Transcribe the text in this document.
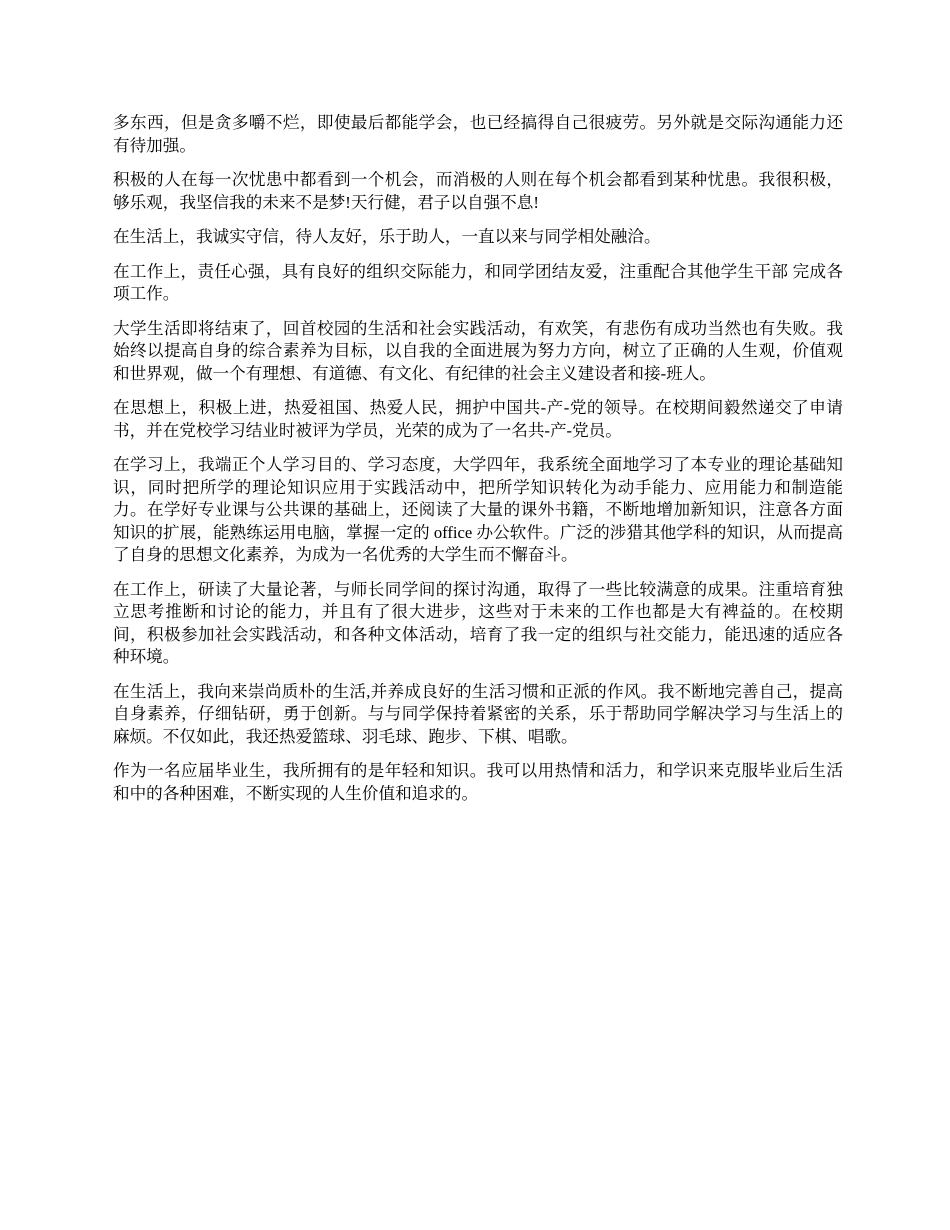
多东西，但是贪多嚼不烂，即使最后都能学会，也已经搞得自己很疲劳。另外就是交际沟通能力还有待加强。

积极的人在每一次忧患中都看到一个机会，而消极的人则在每个机会都看到某种忧患。我很积极，够乐观，我坚信我的未来不是梦!天行健，君子以自强不息!

在生活上，我诚实守信，待人友好，乐于助人，一直以来与同学相处融洽。

在工作上，责任心强，具有良好的组织交际能力，和同学团结友爱，注重配合其他学生干部 完成各项工作。

大学生活即将结束了，回首校园的生活和社会实践活动，有欢笑，有悲伤有成功当然也有失败。我始终以提高自身的综合素养为目标，以自我的全面进展为努力方向，树立了正确的人生观，价值观和世界观，做一个有理想、有道德、有文化、有纪律的社会主义建设者和接-班人。

在思想上，积极上进，热爱祖国、热爱人民，拥护中国共-产-党的领导。在校期间毅然递交了申请书，并在党校学习结业时被评为学员，光荣的成为了一名共-产-党员。

在学习上，我端正个人学习目的、学习态度，大学四年，我系统全面地学习了本专业的理论基础知识，同时把所学的理论知识应用于实践活动中，把所学知识转化为动手能力、应用能力和制造能力。在学好专业课与公共课的基础上，还阅读了大量的课外书籍，不断地增加新知识，注意各方面知识的扩展，能熟练运用电脑，掌握一定的 office 办公软件。广泛的涉猎其他学科的知识，从而提高了自身的思想文化素养，为成为一名优秀的大学生而不懈奋斗。

在工作上，研读了大量论著，与师长同学间的探讨沟通，取得了一些比较满意的成果。注重培育独立思考推断和讨论的能力，并且有了很大进步，这些对于未来的工作也都是大有裨益的。在校期间，积极参加社会实践活动，和各种文体活动，培育了我一定的组织与社交能力，能迅速的适应各种环境。

在生活上，我向来崇尚质朴的生活,并养成良好的生活习惯和正派的作风。我不断地完善自己，提高自身素养，仔细钻研，勇于创新。与与同学保持着紧密的关系，乐于帮助同学解决学习与生活上的麻烦。不仅如此，我还热爱篮球、羽毛球、跑步、下棋、唱歌。

作为一名应届毕业生，我所拥有的是年轻和知识。我可以用热情和活力，和学识来克服毕业后生活和中的各种困难，不断实现的人生价值和追求的。
